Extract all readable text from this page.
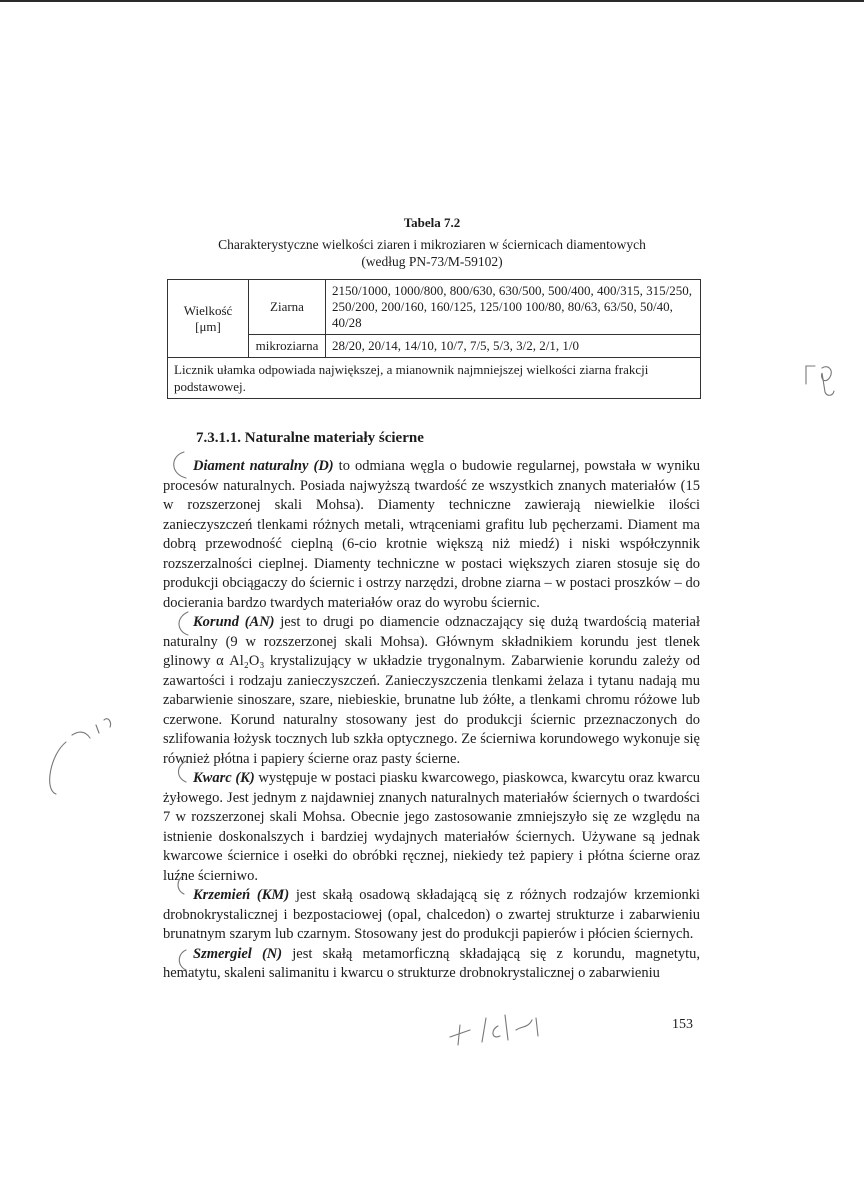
Tabela 7.2
Charakterystyczne wielkości ziaren i mikroziaren w ściernicach diamentowych
(według PN-73/M-59102)
Wielkość
[μm]	Ziarna	2150/1000, 1000/800, 800/630, 630/500, 500/400, 400/315, 315/250, 250/200, 200/160, 160/125, 125/100 100/80, 80/63, 63/50, 50/40, 40/28
	mikroziarna	28/20, 20/14, 14/10, 10/7, 7/5, 5/3, 3/2, 2/1, 1/0
Licznik ułamka odpowiada największej, a mianownik najmniejszej wielkości ziarna frakcji podstawowej.		
7.3.1.1. Naturalne materiały ścierne

Diament naturalny (D) to odmiana węgla o budowie regularnej, powstała w wyniku procesów naturalnych. Posiada najwyższą twardość ze wszystkich znanych materiałów (15 w rozszerzonej skali Mohsa). Diamenty techniczne zawierają niewielkie ilości zanieczyszczeń tlenkami różnych metali, wtrąceniami grafitu lub pęcherzami. Diament ma dobrą przewodność cieplną (6-cio krotnie większą niż miedź) i niski współczynnik rozszerzalności cieplnej. Diamenty techniczne w postaci większych ziaren stosuje się do produkcji obciągaczy do ściernic i ostrzy narzędzi, drobne ziarna – w postaci proszków – do docierania bardzo twardych materiałów oraz do wyrobu ściernic.

Korund (AN) jest to drugi po diamencie odznaczający się dużą twardością materiał naturalny (9 w rozszerzonej skali Mohsa). Głównym składnikiem korundu jest tlenek glinowy α Al₂O₃ krystalizujący w układzie trygonalnym. Zabarwienie korundu zależy od zawartości i rodzaju zanieczyszczeń. Zanieczyszczenia tlenkami żelaza i tytanu nadają mu zabarwienie sinoszare, szare, niebieskie, brunatne lub żółte, a tlenkami chromu różowe lub czerwone. Korund naturalny stosowany jest do produkcji ściernic przeznaczonych do szlifowania łożysk tocznych lub szkła optycznego. Ze ścierniwa korundowego wykonuje się również płótna i papiery ścierne oraz pasty ścierne.

Kwarc (K) występuje w postaci piasku kwarcowego, piaskowca, kwarcytu oraz kwarcu żyłowego. Jest jednym z najdawniej znanych naturalnych materiałów ściernych o twardości 7 w rozszerzonej skali Mohsa. Obecnie jego zastosowanie zmniejszyło się ze względu na istnienie doskonalszych i bardziej wydajnych materiałów ściernych. Używane są jednak kwarcowe ściernice i osełki do obróbki ręcznej, niekiedy też papiery i płótna ścierne oraz luźne ścierniwo.

Krzemień (KM) jest skałą osadową składającą się z różnych rodzajów krzemionki drobnokrystalicznej i bezpostaciowej (opal, chalcedon) o zwartej strukturze i zabarwieniu brunatnym szarym lub czarnym. Stosowany jest do produkcji papierów i płócien ściernych.

Szmergiel (N) jest skałą metamorficzną składającą się z korundu, magnetytu, hematytu, skaleni salimanitu i kwarcu o strukturze drobnokrystalicznej o zabarwieniu

153
